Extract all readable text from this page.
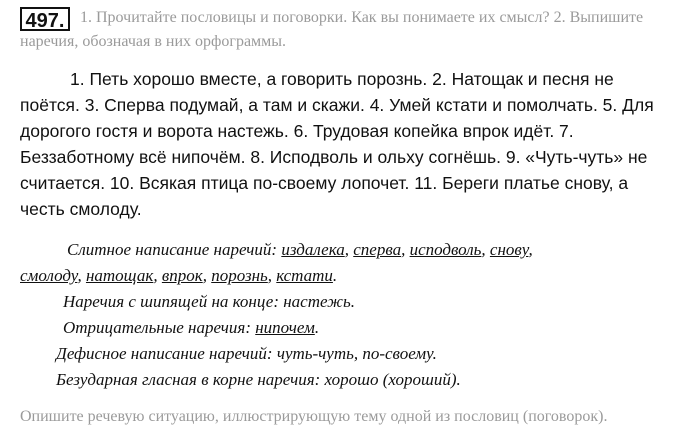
497. 1. Прочитайте пословицы и поговорки. Как вы понимаете их смысл? 2. Выпишите
наречия, обозначая в них орфограммы.
1. Петь хорошо вместе, а говорить порознь. 2. Натощак и песня не
поётся. 3. Сперва подумай, а там и скажи. 4. Умей кстати и помолчать. 5. Для
дорогого гостя и ворота настежь. 6. Трудовая копейка впрок идёт. 7.
Беззаботному всё нипочём. 8. Исподволь и ольху согнёшь. 9. «Чуть-чуть» не
считается. 10. Всякая птица по-своему лопочет. 11. Береги платье снову, а
честь смолоду.
Слитное написание наречий: издалека, сперва, исподволь, снову,
смолоду, натощак, впрок, порознь, кстати.
Наречия с шипящей на конце: настежь.
Отрицательные наречия: нипочем.
Дефисное написание наречий: чуть-чуть, по-своему.
Безударная гласная в корне наречия: хорошо (хороший).
Опишите речевую ситуацию, иллюстрирующую тему одной из пословиц (поговорок).
